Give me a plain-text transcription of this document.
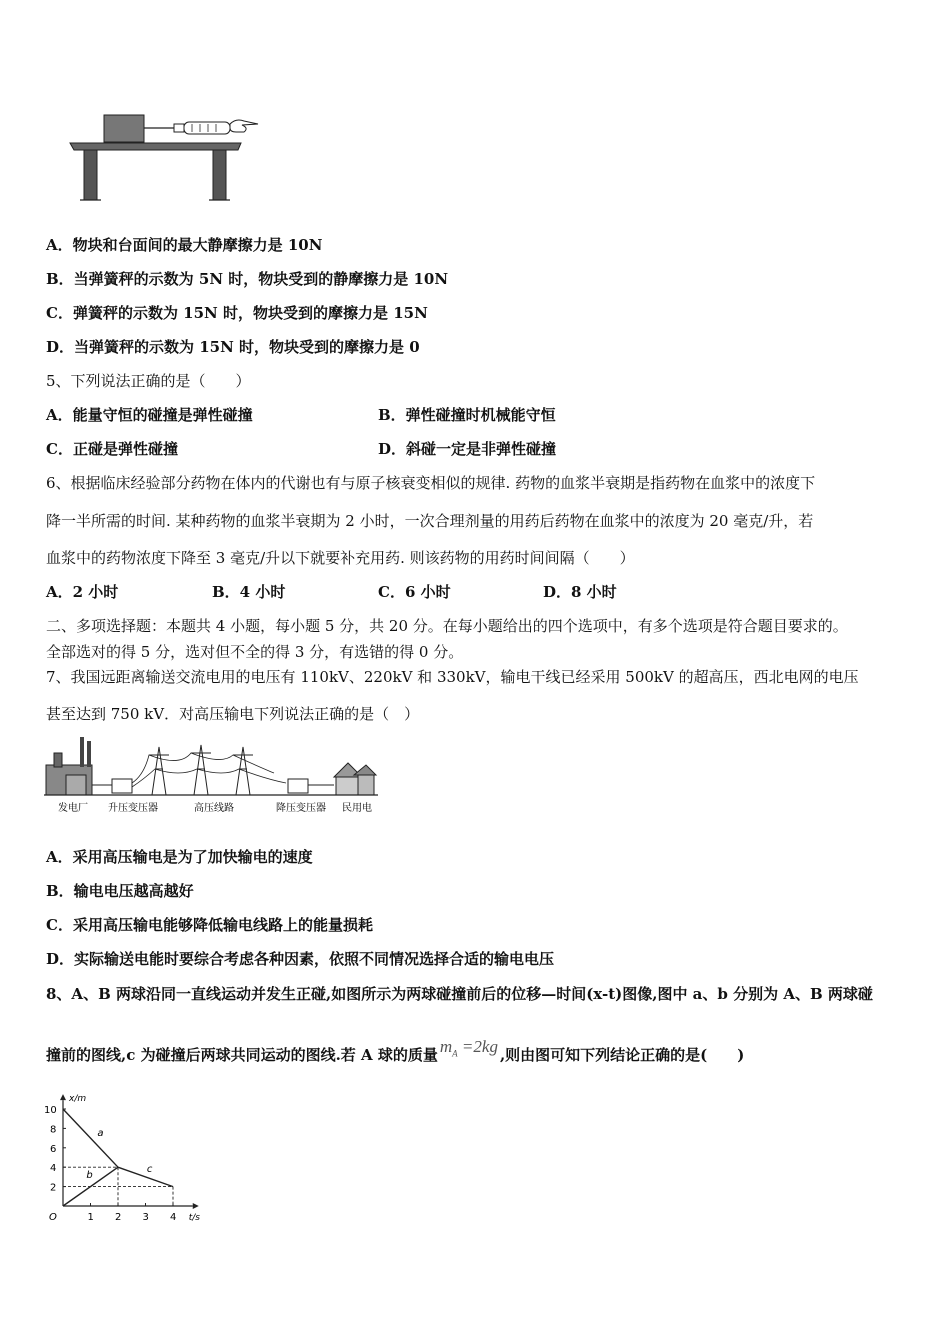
A．物块和台面间的最大静摩擦力是 10N
B．当弹簧秤的示数为 5N 时，物块受到的静摩擦力是 10N
C．弹簧秤的示数为 15N 时，物块受到的摩擦力是 15N
D．当弹簧秤的示数为 15N 时，物块受到的摩擦力是 0
5、下列说法正确的是（　　）
A．能量守恒的碰撞是弹性碰撞	B．弹性碰撞时机械能守恒
C．正碰是弹性碰撞	D．斜碰一定是非弹性碰撞
6、根据临床经验部分药物在体内的代谢也有与原子核衰变相似的规律. 药物的血浆半衰期是指药物在血浆中的浓度下
降一半所需的时间. 某种药物的血浆半衰期为 2 小时，一次合理剂量的用药后药物在血浆中的浓度为 20 毫克/升，若
血浆中的药物浓度下降至 3 毫克/升以下就要补充用药. 则该药物的用药时间间隔（　　）
A．2 小时	B．4 小时	C．6 小时	D．8 小时
二、多项选择题：本题共 4 小题，每小题 5 分，共 20 分。在每小题给出的四个选项中，有多个选项是符合题目要求的。
全部选对的得 5 分，选对但不全的得 3 分，有选错的得 0 分。
7、我国远距离输送交流电用的电压有 110kV、220kV 和 330kV，输电干线已经采用 500kV 的超高压，西北电网的电压
甚至达到 750 kV．对高压输电下列说法正确的是（　）
发电厂 升压变压器	高压线路	降压变压器 民用电
A．采用高压输电是为了加快输电的速度
B．输电电压越高越好
C．采用高压输电能够降低输电线路上的能量损耗
D．实际输送电能时要综合考虑各种因素，依照不同情况选择合适的输电电压
8、A、B 两球沿同一直线运动并发生正碰,如图所示为两球碰撞前后的位移—时间(x-t)图像,图中 a、b 分别为 A、B 两球碰
撞前的图线,c 为碰撞后两球共同运动的图线.若 A 球的质量 $m_A =2kg$ ,则由图可知下列结论正确的是(　　)
x/m
t/s
O	1 2 3 4
2
4
6
8
10
a
b
c
